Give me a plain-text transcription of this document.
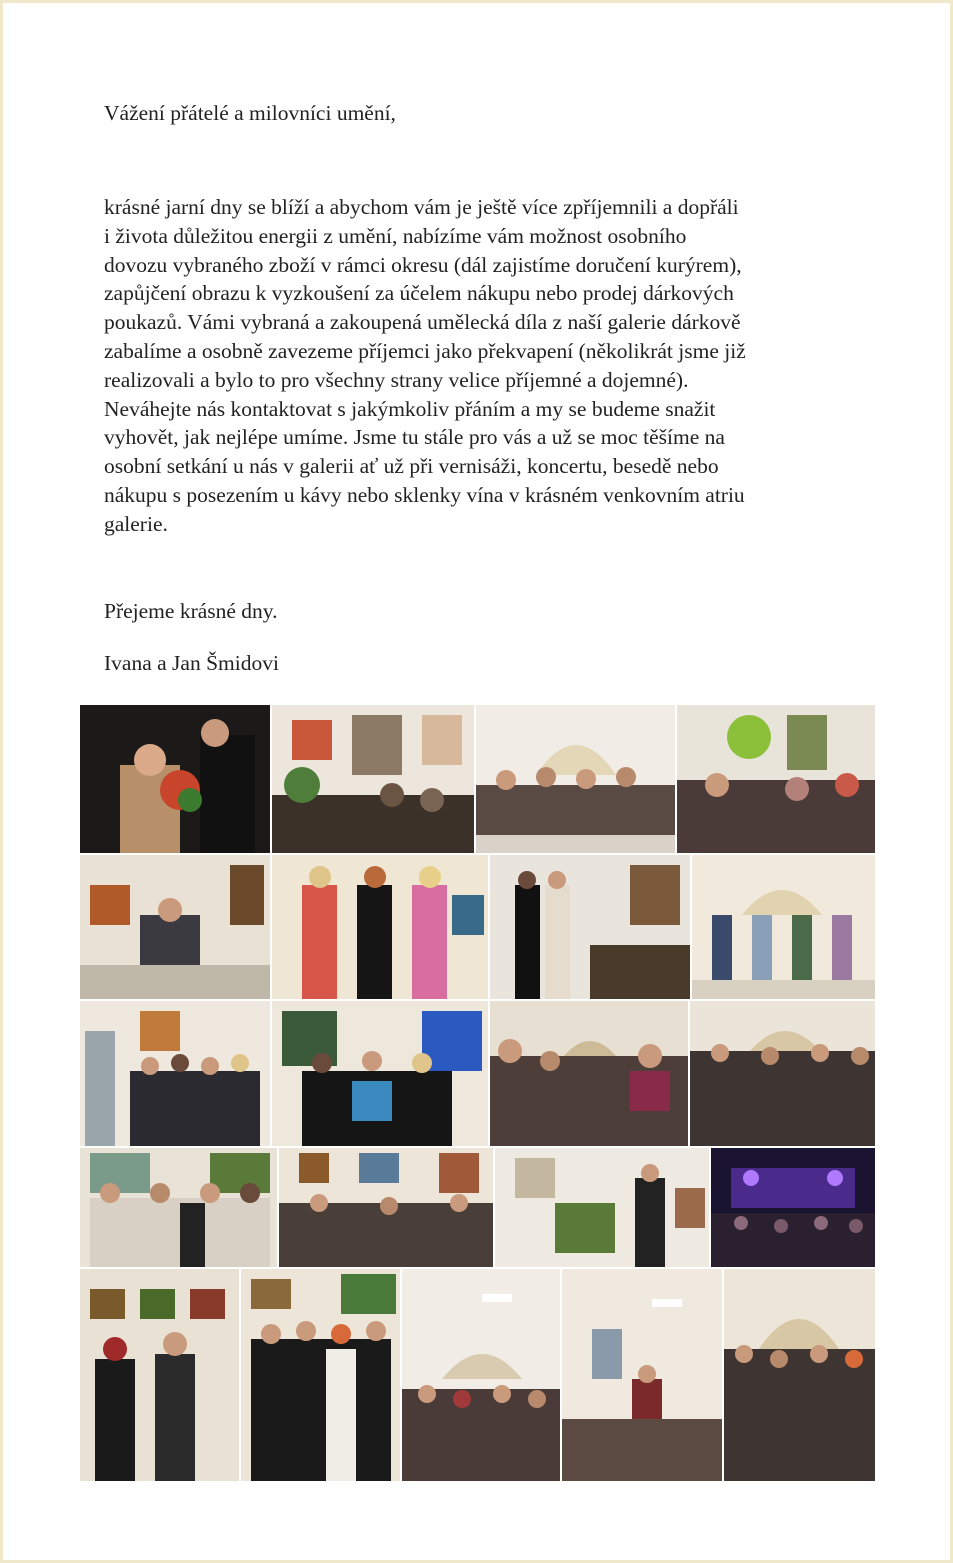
Vážení přátelé a milovníci umění,
krásné jarní dny se blíží a abychom vám je ještě více zpříjemnili a dopřáli
i života důležitou energii z umění, nabízíme vám možnost osobního
dovozu vybraného zboží v rámci okresu (dál zajistíme doručení kurýrem),
zapůjčení obrazu k vyzkoušení za účelem nákupu nebo prodej dárkových
poukazů. Vámi vybraná a zakoupená umělecká díla z naší galerie dárkově
zabalíme a osobně zavezeme příjemci jako překvapení (několikrát jsme již
realizovali a bylo to pro všechny strany velice příjemné a dojemné).
Neváhejte nás kontaktovat s jakýmkoliv přáním a my se budeme snažit
vyhovět, jak nejlépe umíme. Jsme tu stále pro vás a už se moc těšíme na
osobní setkání u nás v galerii ať už při vernisáži, koncertu, besedě nebo
nákupu s posezením u kávy nebo sklenky vína v krásném venkovním atriu
galerie.
Přejeme krásné dny.
Ivana a Jan Šmidovi
